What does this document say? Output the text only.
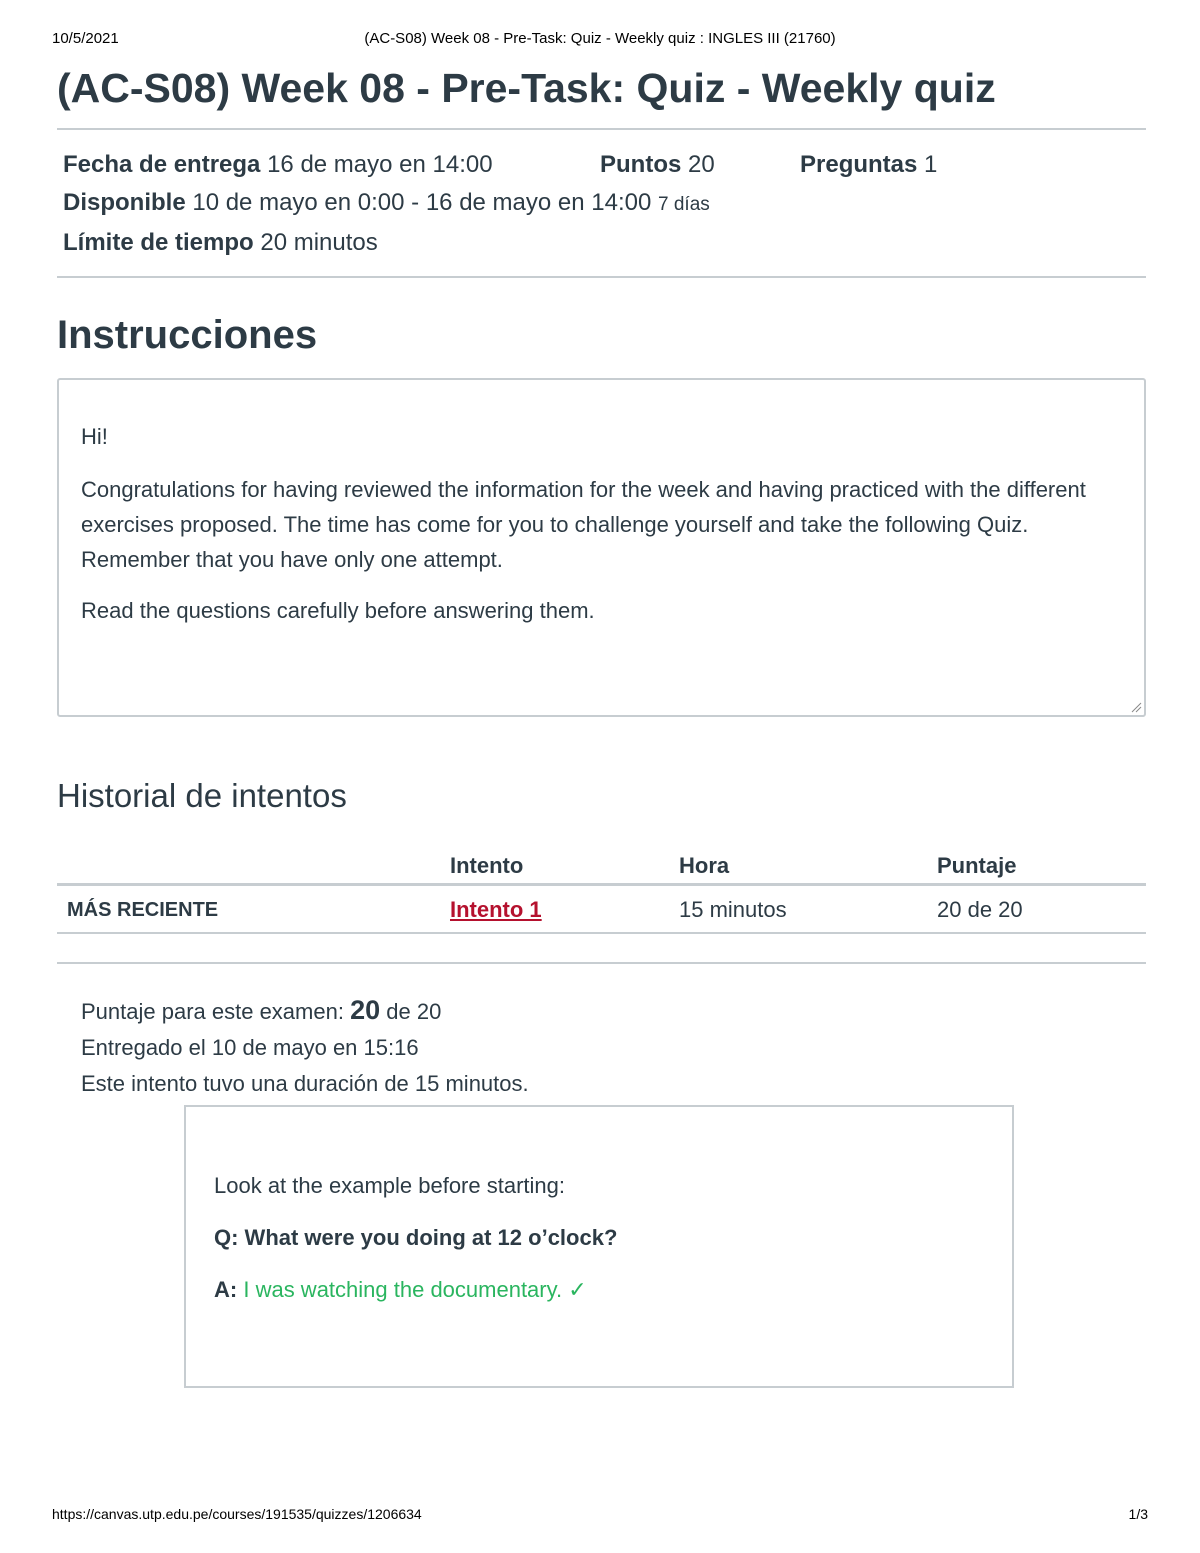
10/5/2021	(AC-S08) Week 08 - Pre-Task: Quiz - Weekly quiz : INGLES III (21760)
(AC-S08) Week 08 - Pre-Task: Quiz - Weekly quiz
Fecha de entrega 16 de mayo en 14:00	Puntos 20	Preguntas 1
Disponible 10 de mayo en 0:00 - 16 de mayo en 14:00 7 días
Límite de tiempo 20 minutos
Instrucciones

Hi!

Congratulations for having reviewed the information for the week and having practiced with the different exercises proposed. The time has come for you to challenge yourself and take the following Quiz. Remember that you have only one attempt.

Read the questions carefully before answering them.

Historial de intentos
	Intento	Hora	Puntaje
MÁS RECIENTE	Intento 1	15 minutos	20 de 20
Puntaje para este examen: 20 de 20
Entregado el 10 de mayo en 15:16
Este intento tuvo una duración de 15 minutos.

Look at the example before starting:

Q: What were you doing at 12 o’clock?

A: I was watching the documentary. ✓

https://canvas.utp.edu.pe/courses/191535/quizzes/1206634	1/3
